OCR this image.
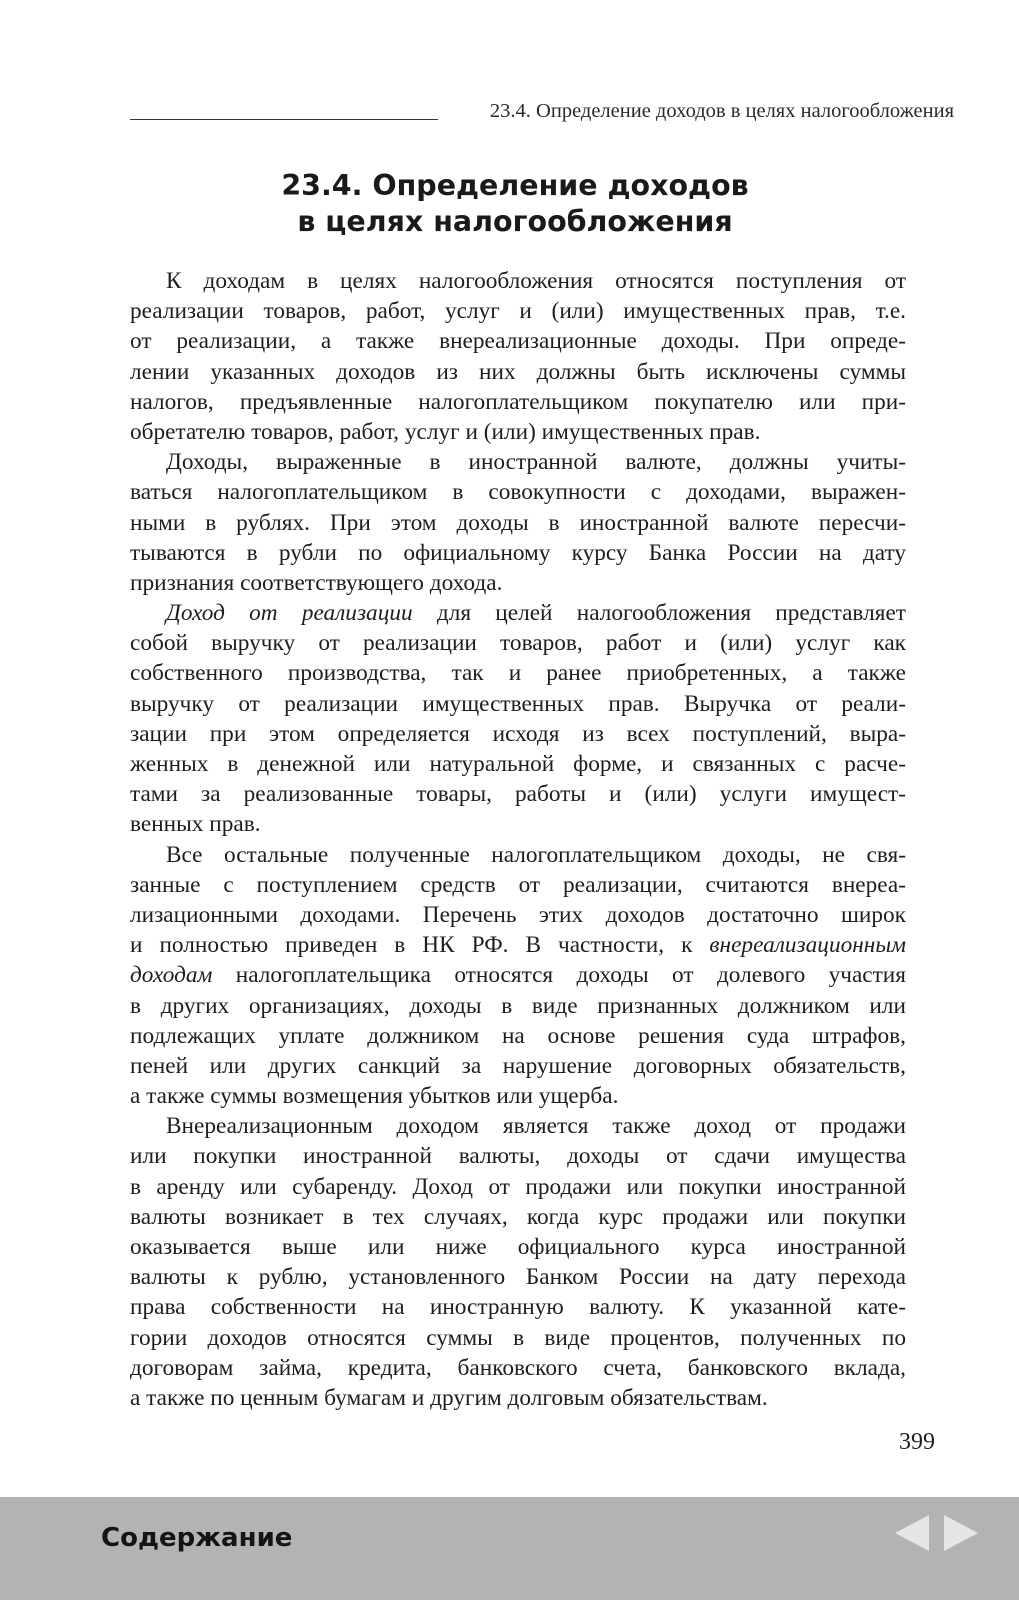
23.4. Определение доходов в целях налогообложения
23.4. Определение доходов
в целях налогообложения
К доходам в целях налогообложения относятся поступления от
реализации товаров, работ, услуг и (или) имущественных прав, т.е.
от реализации, а также внереализационные доходы. При опреде-
лении указанных доходов из них должны быть исключены суммы
налогов, предъявленные налогоплательщиком покупателю или при-
обретателю товаров, работ, услуг и (или) имущественных прав.
Доходы, выраженные в иностранной валюте, должны учиты-
ваться налогоплательщиком в совокупности с доходами, выражен-
ными в рублях. При этом доходы в иностранной валюте пересчи-
тываются в рубли по официальному курсу Банка России на дату
признания соответствующего дохода.
Доход от реализации для целей налогообложения представляет
собой выручку от реализации товаров, работ и (или) услуг как
собственного производства, так и ранее приобретенных, а также
выручку от реализации имущественных прав. Выручка от реали-
зации при этом определяется исходя из всех поступлений, выра-
женных в денежной или натуральной форме, и связанных с расче-
тами за реализованные товары, работы и (или) услуги имущест-
венных прав.
Все остальные полученные налогоплательщиком доходы, не свя-
занные с поступлением средств от реализации, считаются внереа-
лизационными доходами. Перечень этих доходов достаточно широк
и полностью приведен в НК РФ. В частности, к внереализационным
доходам налогоплательщика относятся доходы от долевого участия
в других организациях, доходы в виде признанных должником или
подлежащих уплате должником на основе решения суда штрафов,
пеней или других санкций за нарушение договорных обязательств,
а также суммы возмещения убытков или ущерба.
Внереализационным доходом является также доход от продажи
или покупки иностранной валюты, доходы от сдачи имущества
в аренду или субаренду. Доход от продажи или покупки иностранной
валюты возникает в тех случаях, когда курс продажи или покупки
оказывается выше или ниже официального курса иностранной
валюты к рублю, установленного Банком России на дату перехода
права собственности на иностранную валюту. К указанной кате-
гории доходов относятся суммы в виде процентов, полученных по
договорам займа, кредита, банковского счета, банковского вклада,
а также по ценным бумагам и другим долговым обязательствам.
399
Содержание
